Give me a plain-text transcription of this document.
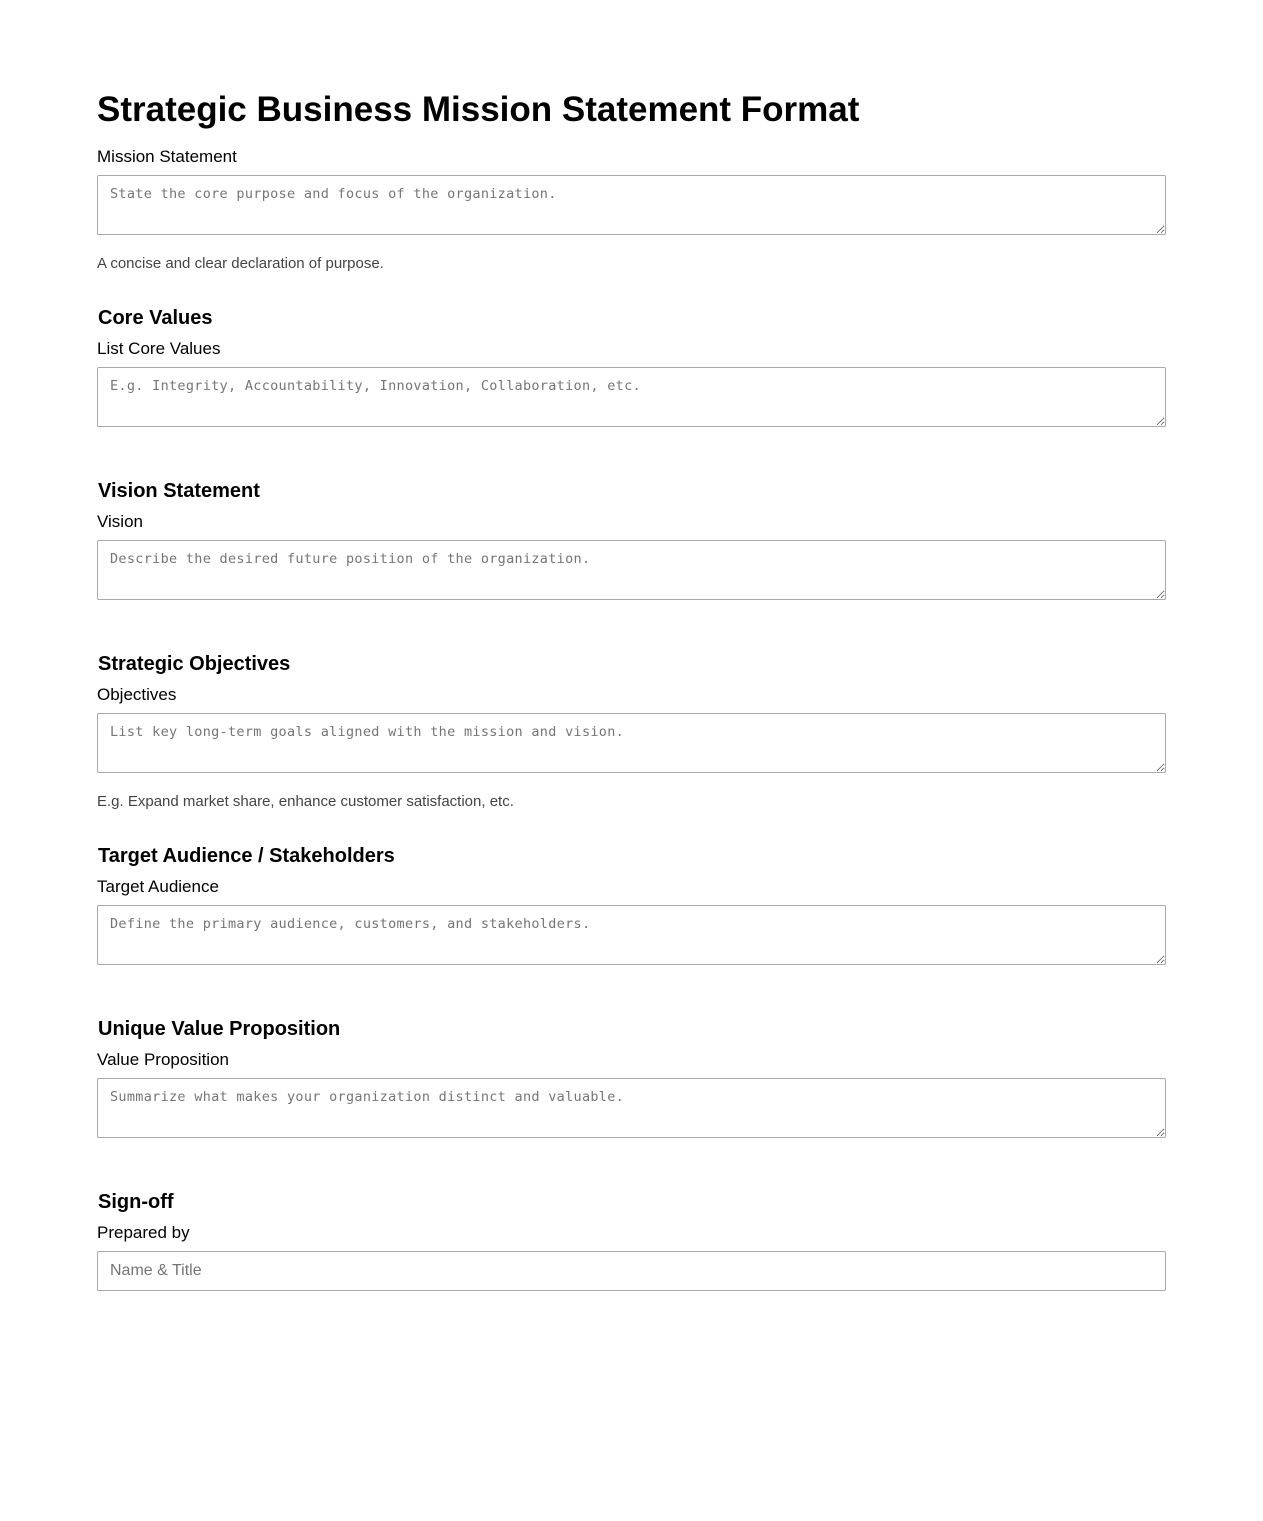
Strategic Business Mission Statement Format
Mission Statement
State the core purpose and focus of the organization.
A concise and clear declaration of purpose.
Core Values
List Core Values
E.g. Integrity, Accountability, Innovation, Collaboration, etc.
Vision Statement
Vision
Describe the desired future position of the organization.
Strategic Objectives
Objectives
List key long-term goals aligned with the mission and vision.
E.g. Expand market share, enhance customer satisfaction, etc.
Target Audience / Stakeholders
Target Audience
Define the primary audience, customers, and stakeholders.
Unique Value Proposition
Value Proposition
Summarize what makes your organization distinct and valuable.
Sign-off
Prepared by
Name & Title
